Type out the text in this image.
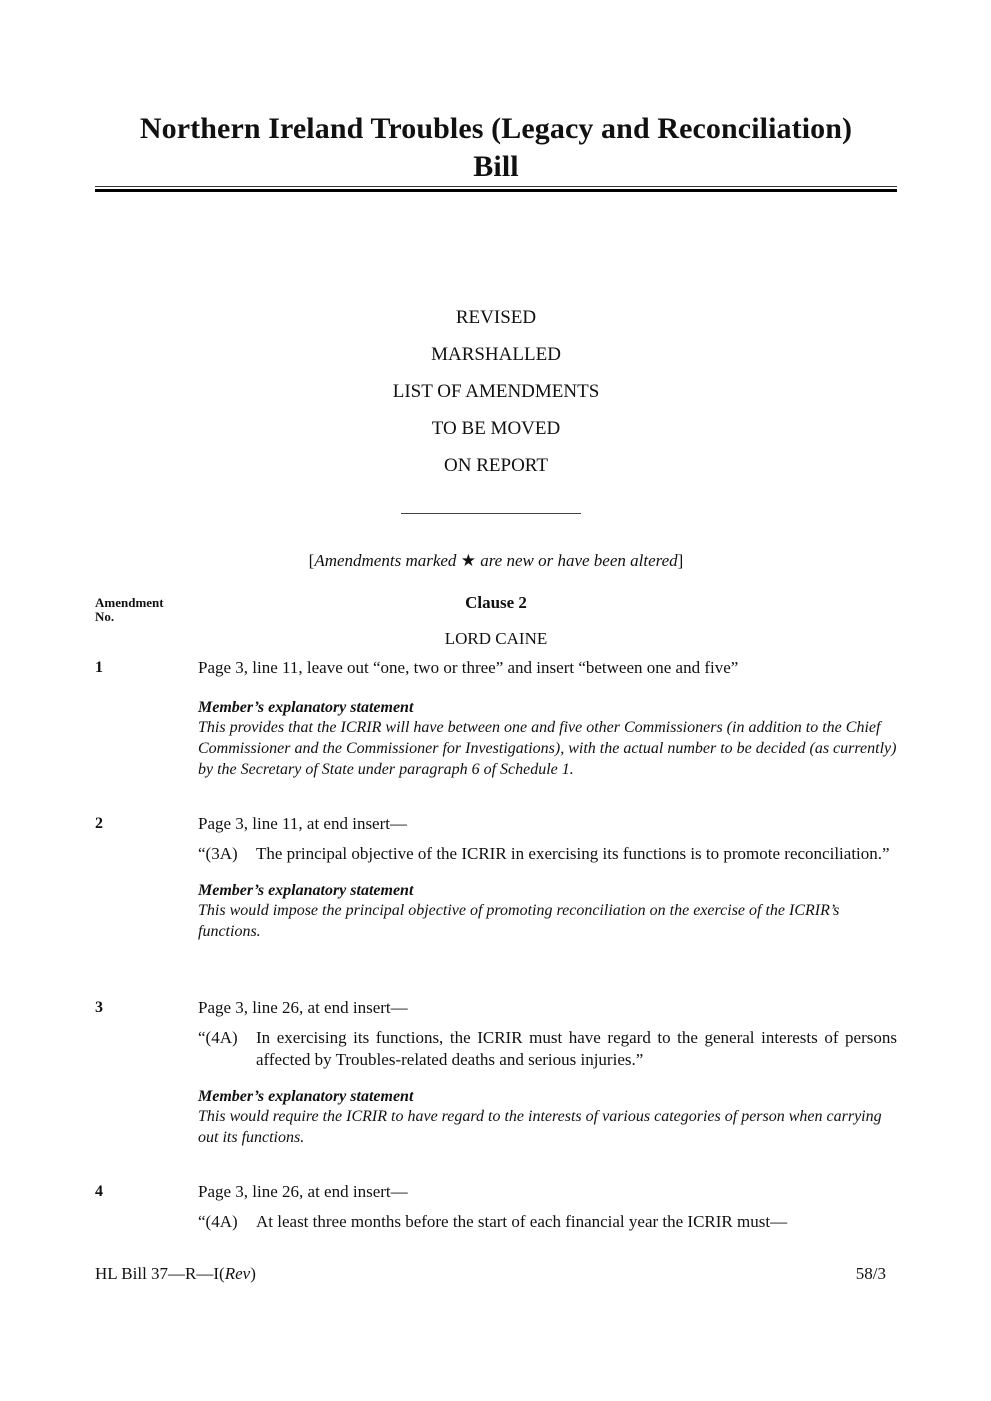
Northern Ireland Troubles (Legacy and Reconciliation)
Bill
REVISED
MARSHALLED
LIST OF AMENDMENTS
TO BE MOVED
ON REPORT
[Amendments marked ★ are new or have been altered]
Amendment
No.
Clause 2
LORD CAINE
1	Page 3, line 11, leave out “one, two or three” and insert “between one and five”

Member’s explanatory statement
This provides that the ICRIR will have between one and five other Commissioners (in addition to the Chief Commissioner and the Commissioner for Investigations), with the actual number to be decided (as currently) by the Secretary of State under paragraph 6 of Schedule 1.
2	Page 3, line 11, at end insert—

“(3A)	The principal objective of the ICRIR in exercising its functions is to promote reconciliation.”
Member’s explanatory statement
This would impose the principal objective of promoting reconciliation on the exercise of the ICRIR’s functions.
3	Page 3, line 26, at end insert—

“(4A)	In exercising its functions, the ICRIR must have regard to the general interests of persons affected by Troubles-related deaths and serious injuries.”
Member’s explanatory statement
This would require the ICRIR to have regard to the interests of various categories of person when carrying out its functions.
4	Page 3, line 26, at end insert—

“(4A)	At least three months before the start of each financial year the ICRIR must—
HL Bill 37—R—I(Rev)	58/3
